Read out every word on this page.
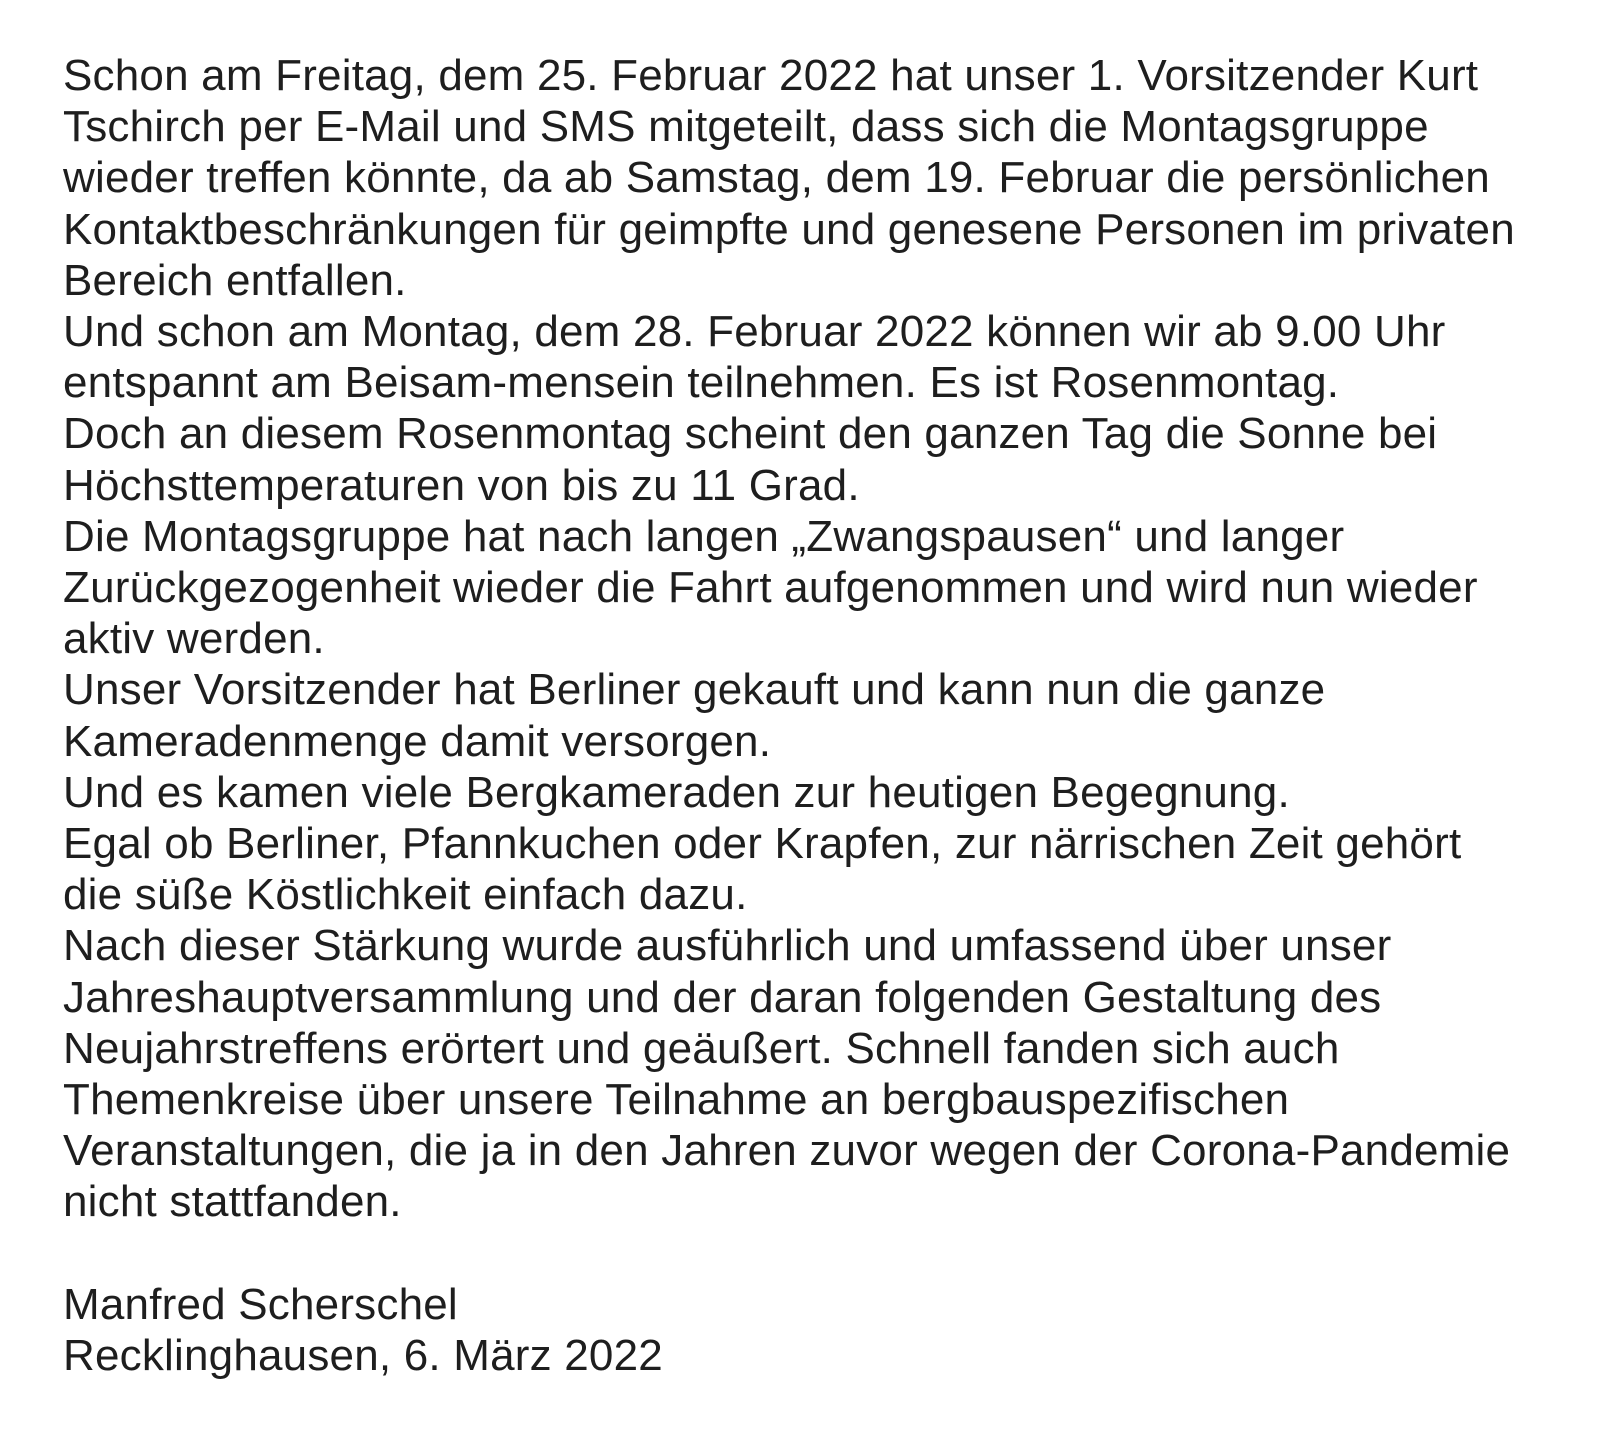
Schon am Freitag, dem 25. Februar 2022 hat unser 1. Vorsitzender Kurt
Tschirch per E-Mail und SMS mitgeteilt, dass sich die Montagsgruppe
wieder treffen könnte, da ab Samstag, dem 19. Februar die persönlichen
Kontaktbeschränkungen für geimpfte und genesene Personen im privaten
Bereich entfallen.
Und schon am Montag, dem 28. Februar 2022 können wir ab 9.00 Uhr
entspannt am Beisam-mensein teilnehmen. Es ist Rosenmontag.
Doch an diesem Rosenmontag scheint den ganzen Tag die Sonne bei
Höchsttemperaturen von bis zu 11 Grad.
Die Montagsgruppe hat nach langen „Zwangspausen“ und langer
Zurückgezogenheit wieder die Fahrt aufgenommen und wird nun wieder
aktiv werden.
Unser Vorsitzender hat Berliner gekauft und kann nun die ganze
Kameradenmenge damit versorgen.
Und es kamen viele Bergkameraden zur heutigen Begegnung.
Egal ob Berliner, Pfannkuchen oder Krapfen, zur närrischen Zeit gehört
die süße Köstlichkeit einfach dazu.
Nach dieser Stärkung wurde ausführlich und umfassend über unser
Jahreshauptversammlung und der daran folgenden Gestaltung des
Neujahrstreffens erörtert und geäußert. Schnell fanden sich auch
Themenkreise über unsere Teilnahme an bergbauspezifischen
Veranstaltungen, die ja in den Jahren zuvor wegen der Corona-Pandemie
nicht stattfanden.

Manfred Scherschel
Recklinghausen, 6. März 2022
